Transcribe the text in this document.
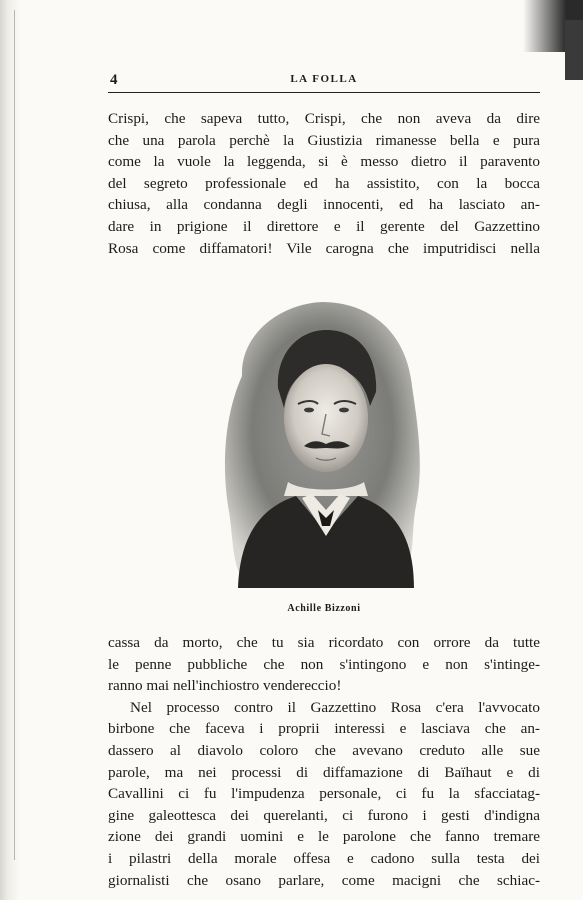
4	LA FOLLA
Crispi, che sapeva tutto, Crispi, che non aveva da dire
che una parola perchè la Giustizia rimanesse bella e pura
come la vuole la leggenda, si è messo dietro il paravento
del segreto professionale ed ha assistito, con la bocca
chiusa, alla condanna degli innocenti, ed ha lasciato an-
dare in prigione il direttore e il gerente del Gazzettino
Rosa come diffamatori! Vile carogna che imputridisci nella
Achille Bizzoni
cassa da morto, che tu sia ricordato con orrore da tutte
le penne pubbliche che non s'intingono e non s'intinge-
ranno mai nell'inchiostro vendereccio!
Nel processo contro il Gazzettino Rosa c'era l'avvocato
birbone che faceva i proprii interessi e lasciava che an-
dassero al diavolo coloro che avevano creduto alle sue
parole, ma nei processi di diffamazione di Baïhaut e di
Cavallini ci fu l'impudenza personale, ci fu la sfacciatag-
gine galeottesca dei querelanti, ci furono i gesti d'indigna
zione dei grandi uomini e le parolone che fanno tremare
i pilastri della morale offesa e cadono sulla testa dei
giornalisti che osano parlare, come macigni che schiac-
